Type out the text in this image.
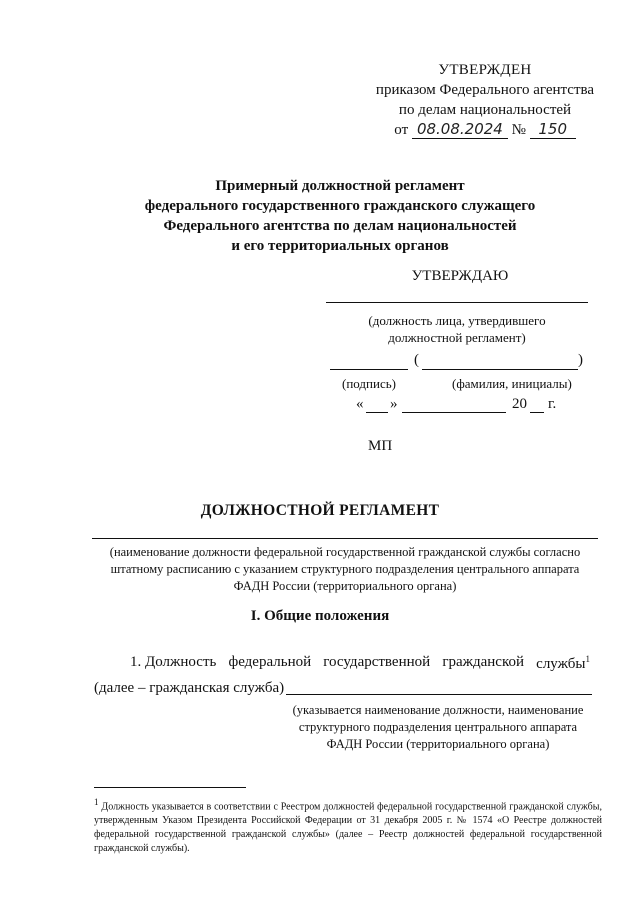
УТВЕРЖДЕН
приказом Федерального агентства
по делам национальностей
от 08.08.2024 № 150
Примерный должностной регламент
федерального государственного гражданского служащего
Федерального агентства по делам национальностей
и его территориальных органов
УТВЕРЖДАЮ
(должность лица, утвердившего
должностной регламент)
(	)
(подпись)	(фамилия, инициалы)
« »	20 г.
МП
ДОЛЖНОСТНОЙ РЕГЛАМЕНТ
(наименование должности федеральной государственной гражданской службы согласно
штатному расписанию с указанием структурного подразделения центрального аппарата
ФАДН России (территориального органа)
I. Общие положения
1. Должность федеральной государственной гражданской службы$^1$
(далее – гражданская служба)
(указывается наименование должности, наименование
структурного подразделения центрального аппарата
ФАДН России (территориального органа)
$^1$ Должность указывается в соответствии с Реестром должностей федеральной государственной гражданской службы, утвержденным Указом Президента Российской Федерации от 31 декабря 2005 г. № 1574 «О Реестре должностей федеральной государственной гражданской службы» (далее – Реестр должностей федеральной государственной гражданской службы).
